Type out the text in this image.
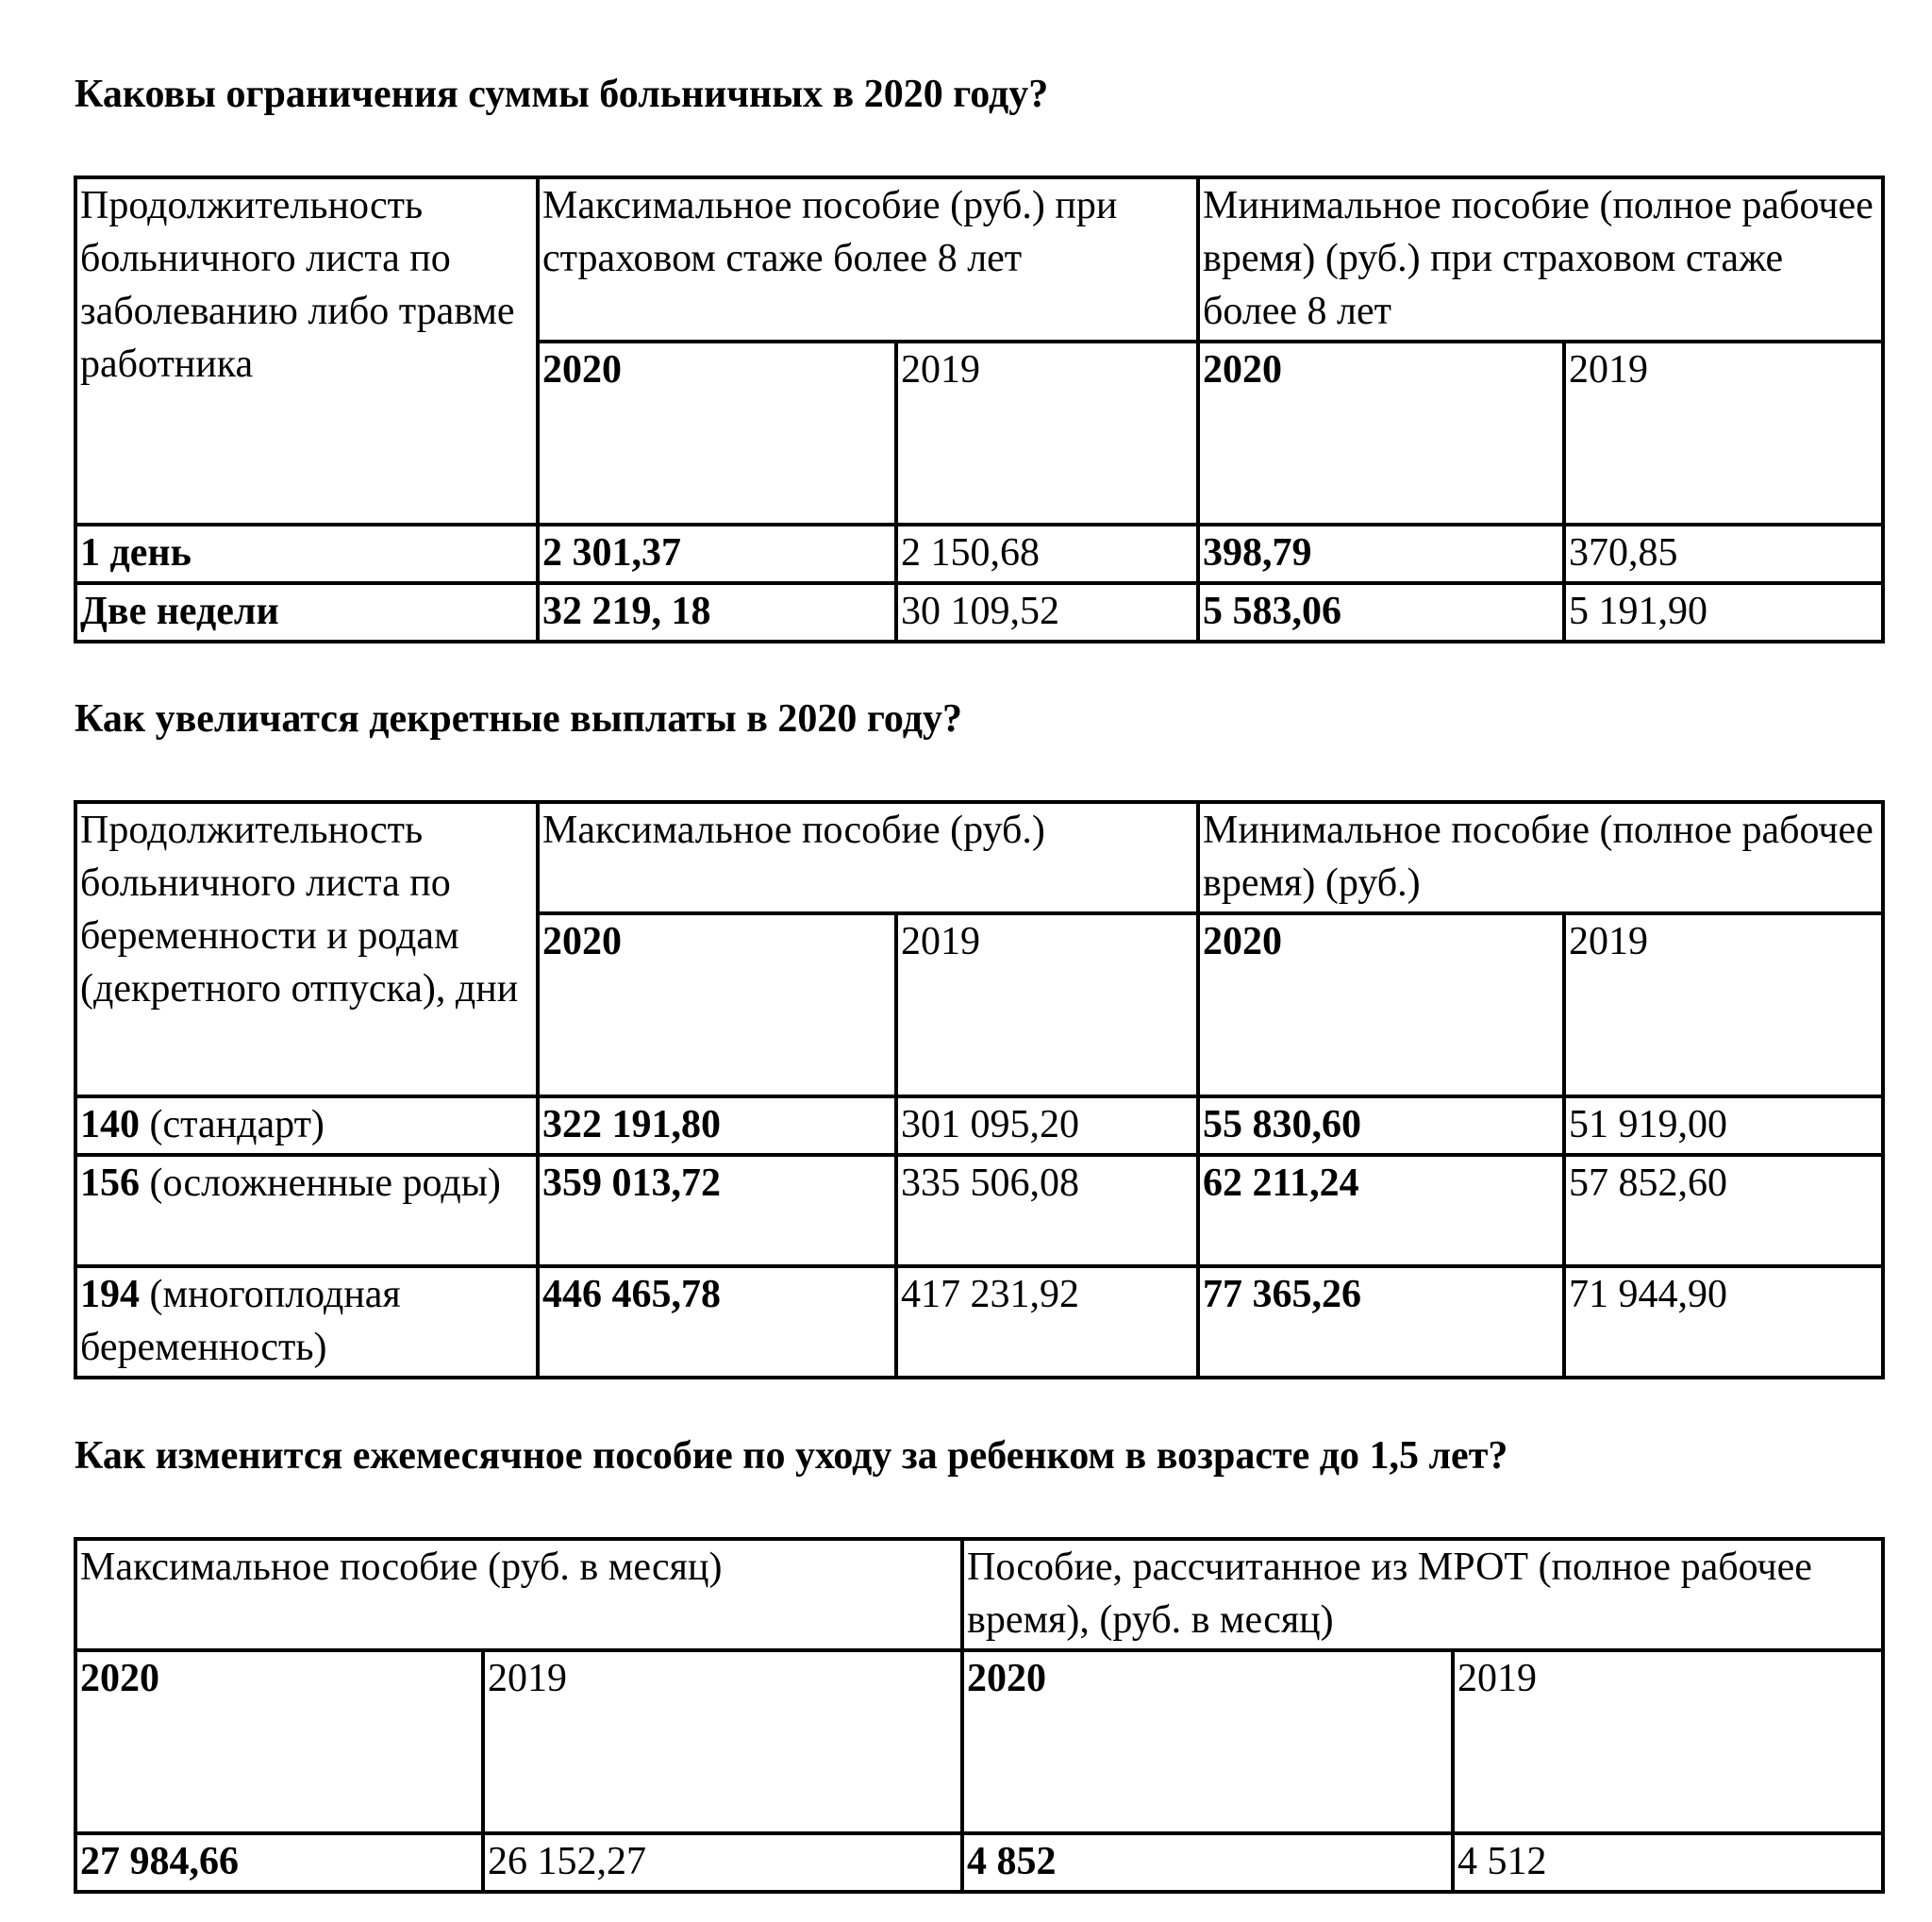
Каковы ограничения суммы больничных в 2020 году?
Продолжительность больничного листа по заболеванию либо травме работника	Максимальное пособие (руб.) при страховом стаже более 8 лет		Минимальное пособие (полное рабочее время) (руб.) при страховом стаже более 8 лет	
	2020	2019	2020	2019
1 день	2 301,37	2 150,68	398,79	370,85
Две недели	32 219, 18	30 109,52	5 583,06	5 191,90
Как увеличатся декретные выплаты в 2020 году?
Продолжительность больничного листа по беременности и родам (декретного отпуска), дни	Максимальное пособие (руб.)		Минимальное пособие (полное рабочее время) (руб.)	
	2020	2019	2020	2019
140 (стандарт)	322 191,80	301 095,20	55 830,60	51 919,00
156 (осложненные роды)	359 013,72	335 506,08	62 211,24	57 852,60
194 (многоплодная беременность)	446 465,78	417 231,92	77 365,26	71 944,90
Как изменится ежемесячное пособие по уходу за ребенком в возрасте до 1,5 лет?
Максимальное пособие (руб. в месяц)		Пособие, рассчитанное из МРОТ (полное рабочее время), (руб. в месяц)	
2020	2019	2020	2019
27 984,66	26 152,27	4 852	4 512
